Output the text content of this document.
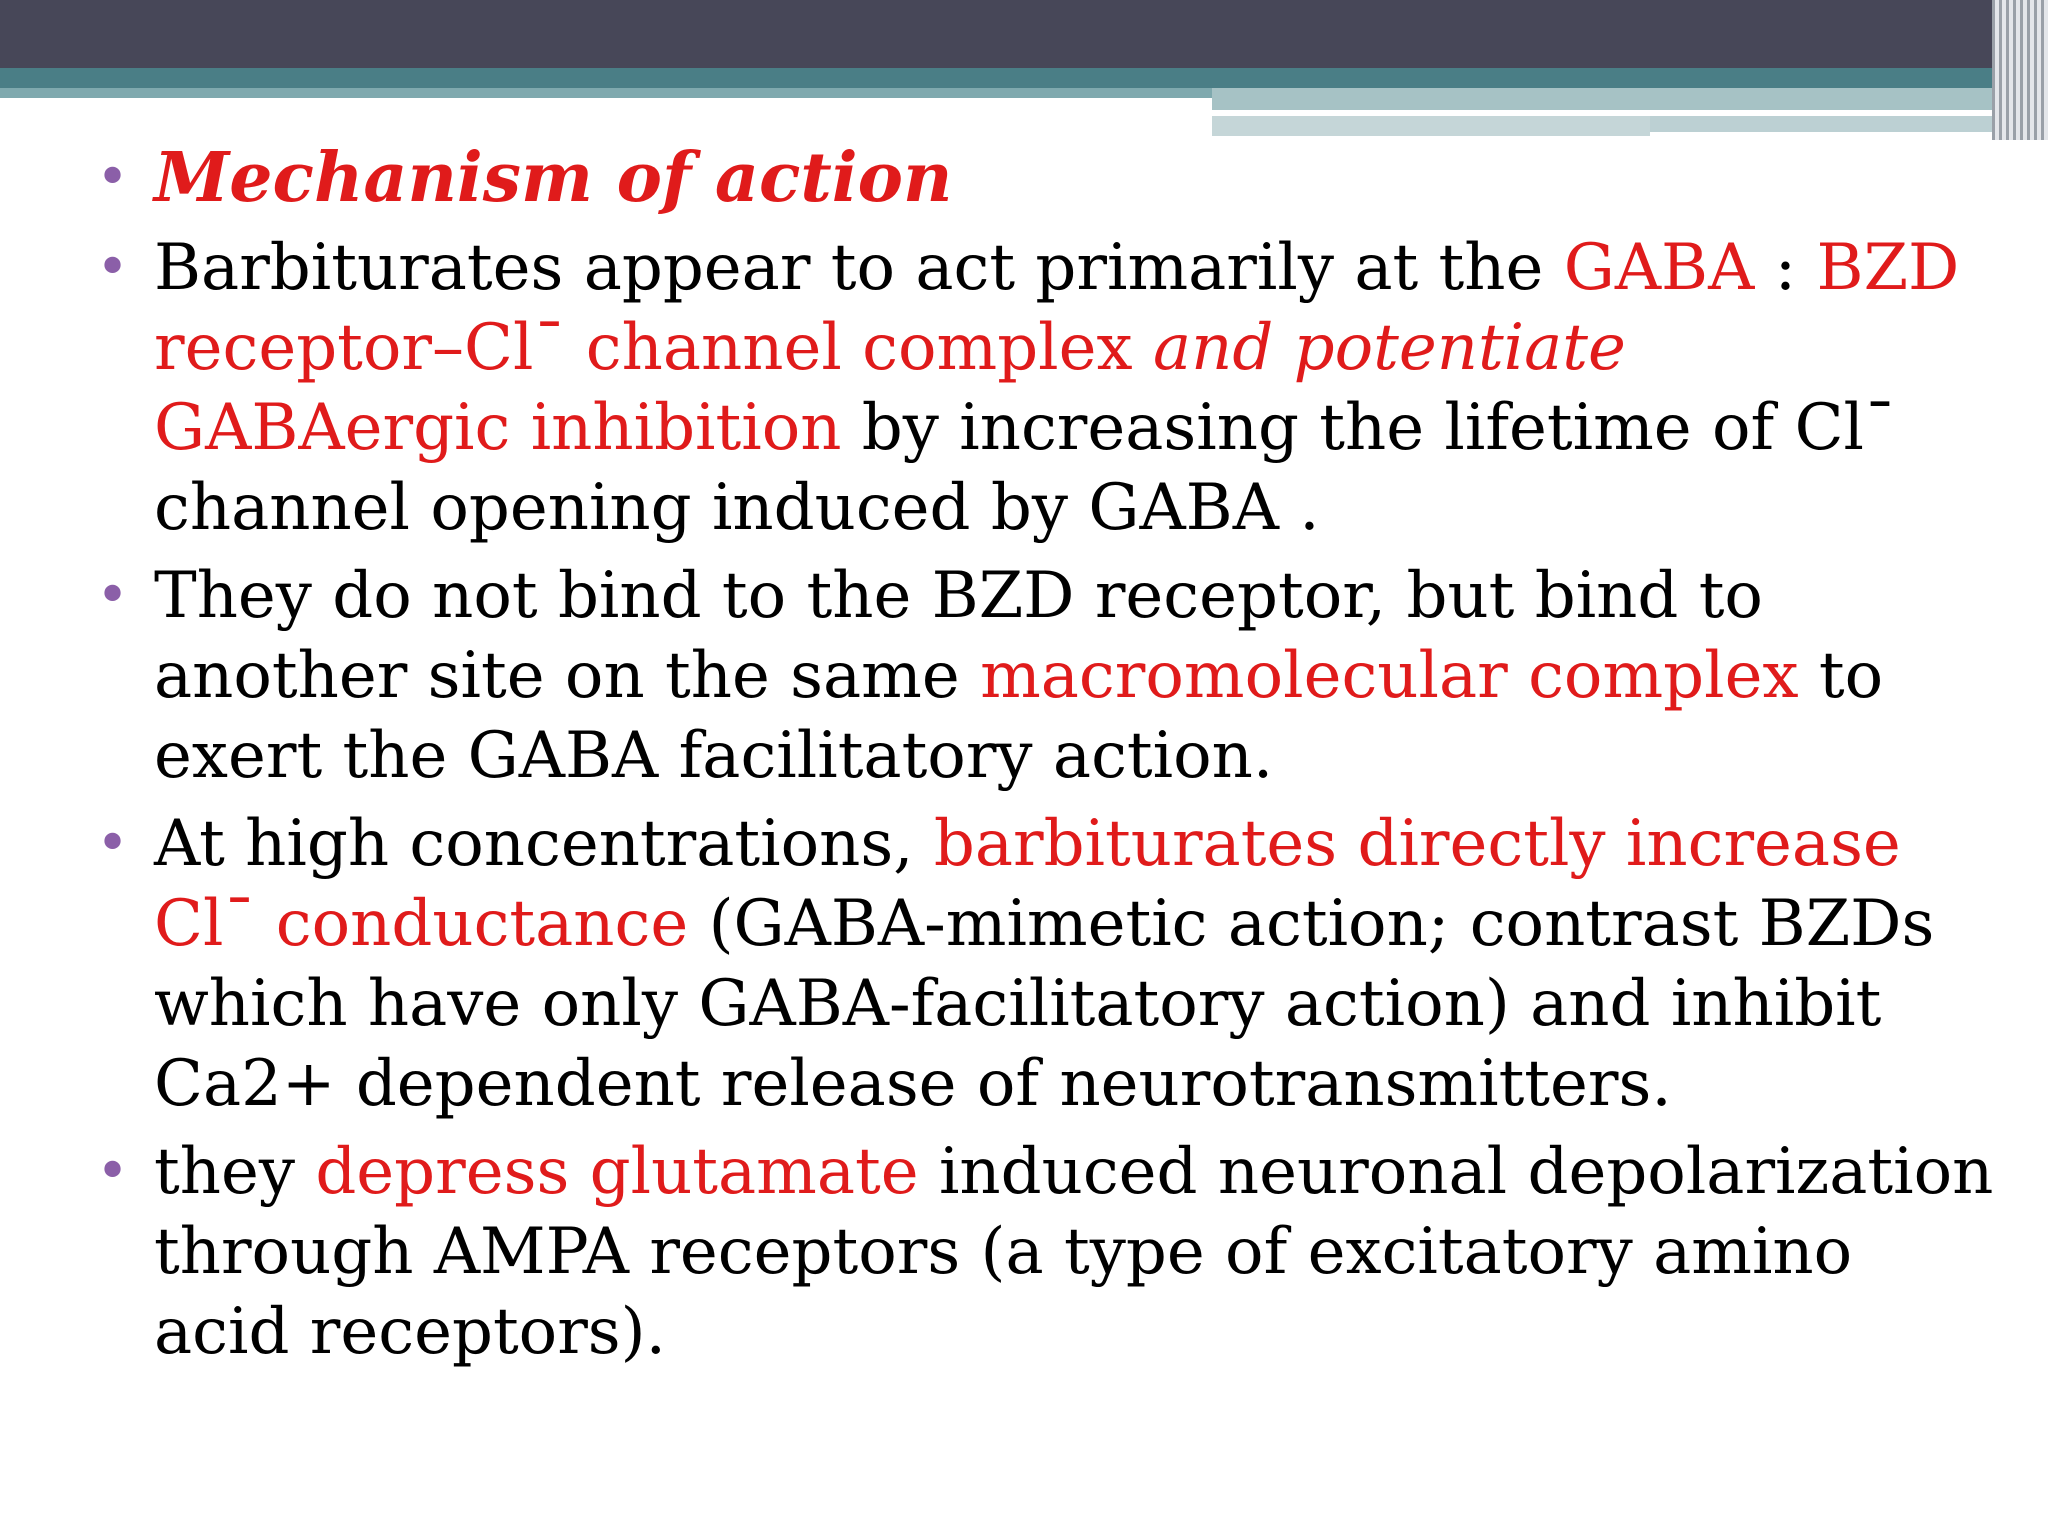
• Mechanism of action
• Barbiturates appear to act primarily at the GABA : BZD receptor–Cl¯ channel complex and potentiate GABAergic inhibition by increasing the lifetime of Cl¯ channel opening induced by GABA .
• They do not bind to the BZD receptor, but bind to another site on the same macromolecular complex to exert the GABA facilitatory action.
• At high concentrations, barbiturates directly increase Cl¯ conductance (GABA-mimetic action; contrast BZDs which have only GABA-facilitatory action) and inhibit Ca2+ dependent release of neurotransmitters.
• they depress glutamate induced neuronal depolarization through AMPA receptors (a type of excitatory amino acid receptors).
